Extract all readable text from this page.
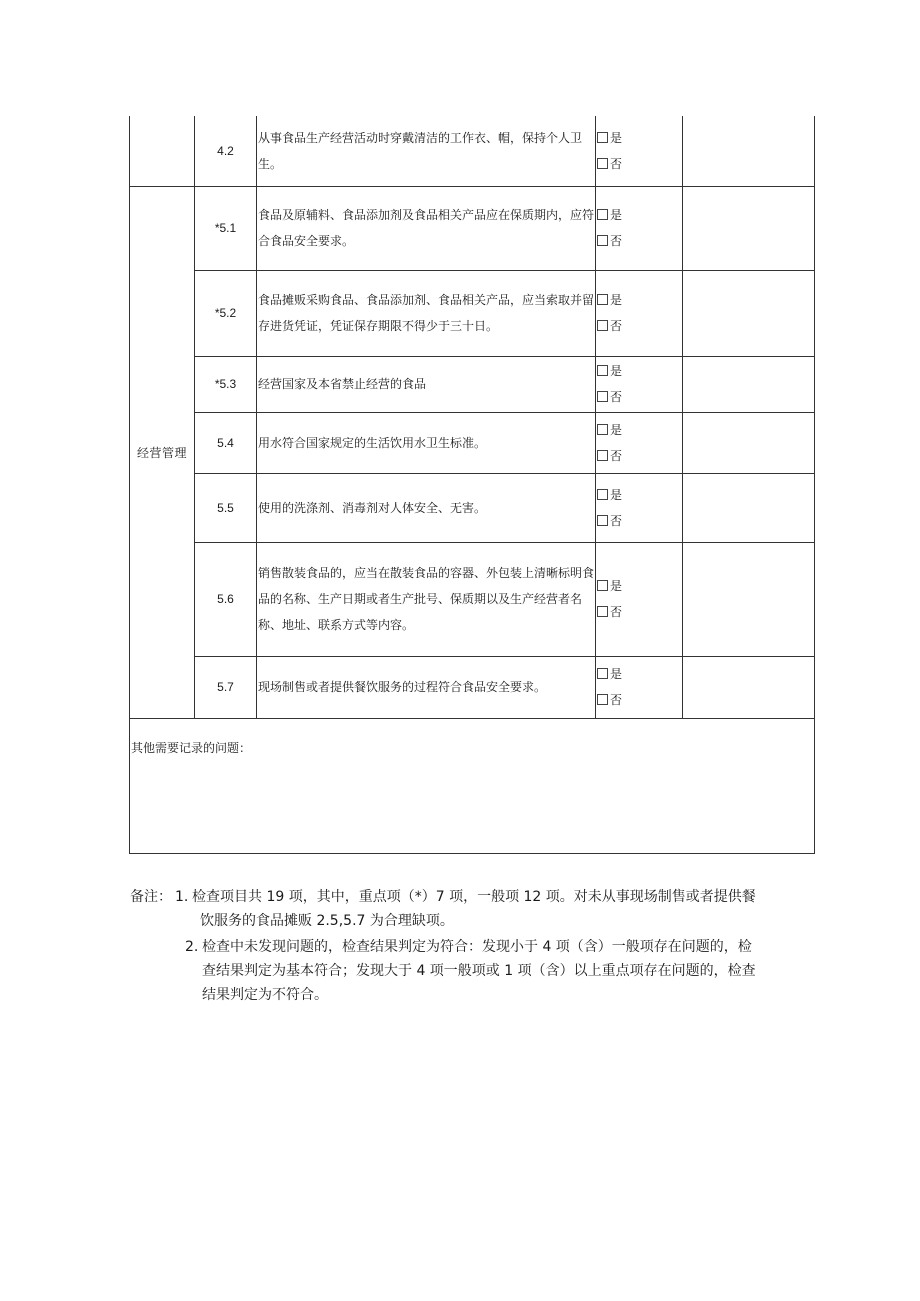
	4.2	从事食品生产经营活动时穿戴清洁的工作衣、帽，保持个人卫生。	是
否	

经营管理	*5.1	食品及原辅料、食品添加剂及食品相关产品应在保质期内，应符合食品安全要求。	是
否	

	*5.2	食品摊贩采购食品、食品添加剂、食品相关产品，应当索取并留存进货凭证，凭证保存期限不得少于三十日。	是
否	

	*5.3	经营国家及本省禁止经营的食品	是
否	

	5.4	用水符合国家规定的生活饮用水卫生标准。	是
否	

	5.5	使用的洗涤剂、消毒剂对人体安全、无害。	是
否	

	5.6	销售散装食品的，应当在散装食品的容器、外包装上清晰标明食品的名称、生产日期或者生产批号、保质期以及生产经营者名称、地址、联系方式等内容。	是
否	

	5.7	现场制售或者提供餐饮服务的过程符合食品安全要求。	是
否	

其他需要记录的问题：				
备注： 1. 检查项目共 19 项，其中，重点项（*）7 项，一般项 12 项。对未从事现场制售或者提供餐
饮服务的食品摊贩 2.5,5.7 为合理缺项。
2. 检查中未发现问题的，检查结果判定为符合：发现小于 4 项（含）一般项存在问题的，检
查结果判定为基本符合；发现大于 4 项一般项或 1 项（含）以上重点项存在问题的，检查
结果判定为不符合。
